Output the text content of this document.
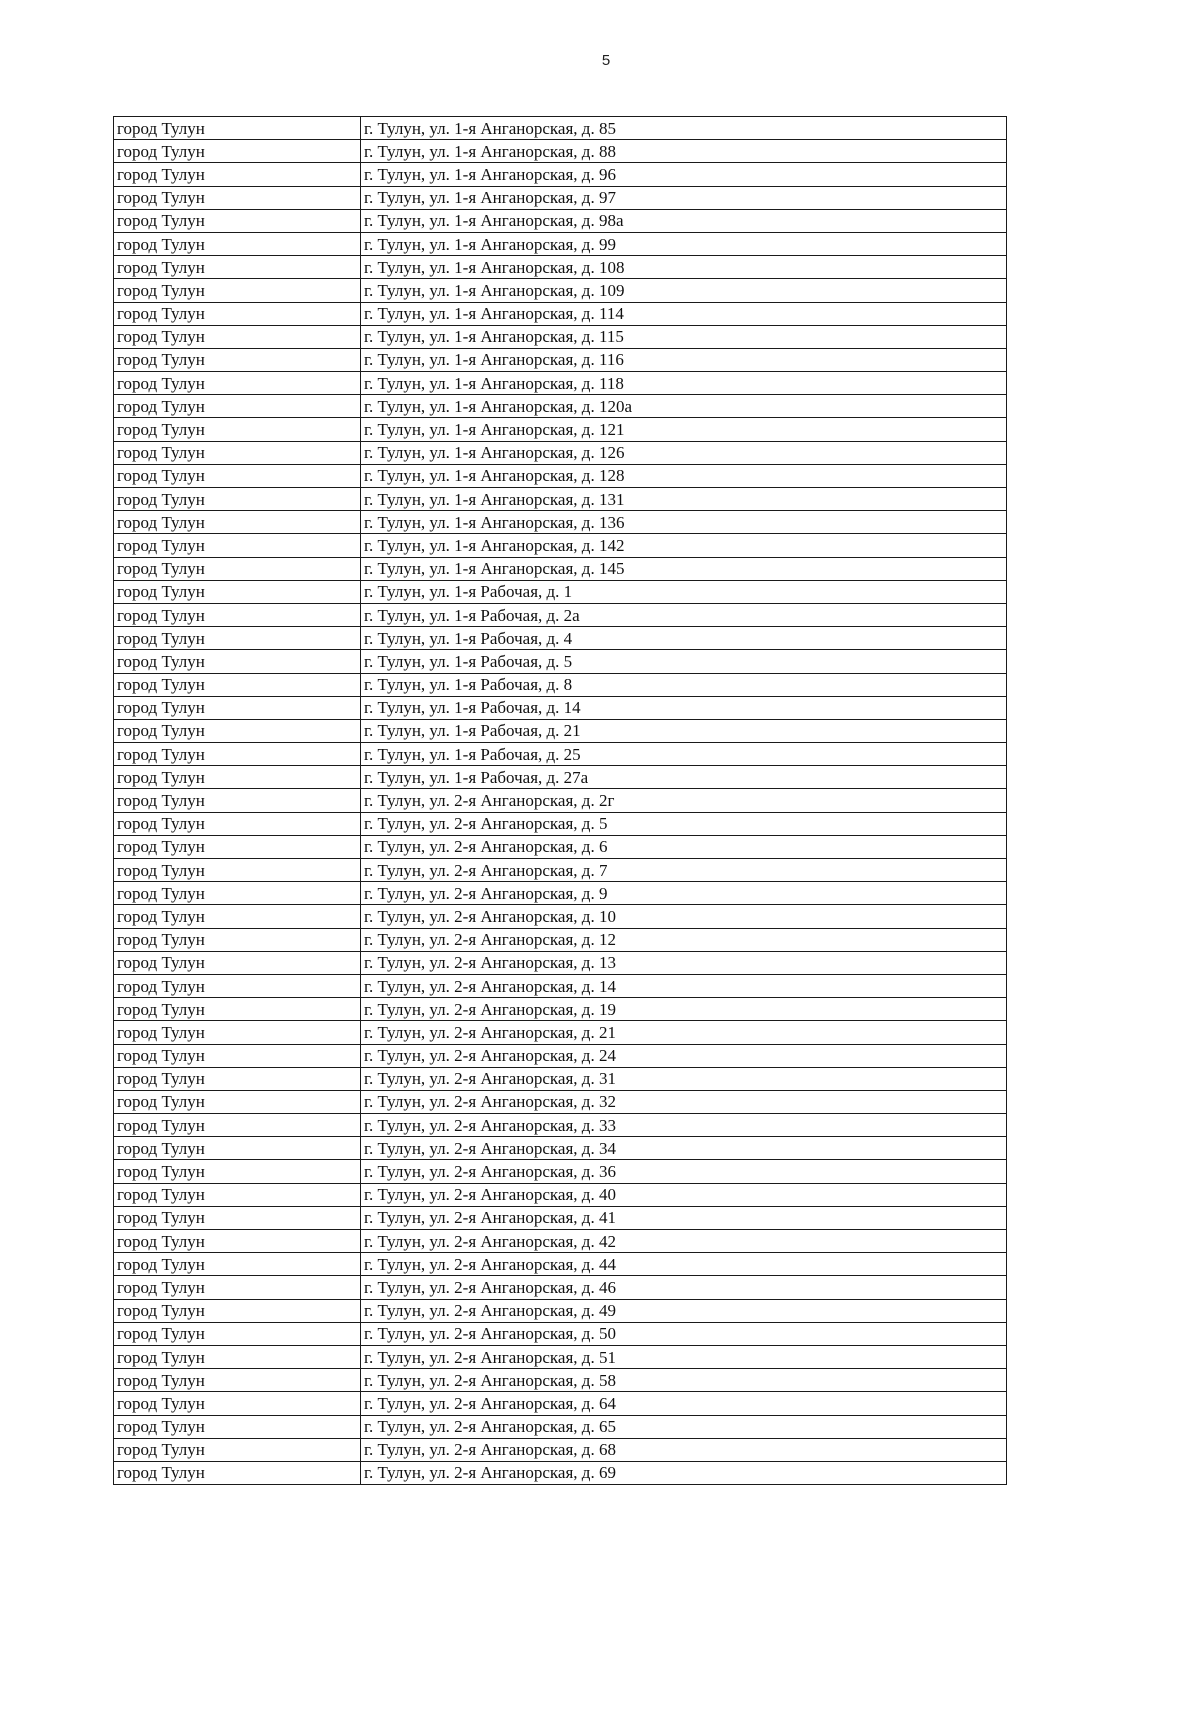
5
город Тулун	г. Тулун, ул. 1-я Анганорская, д. 85
город Тулун	г. Тулун, ул. 1-я Анганорская, д. 88
город Тулун	г. Тулун, ул. 1-я Анганорская, д. 96
город Тулун	г. Тулун, ул. 1-я Анганорская, д. 97
город Тулун	г. Тулун, ул. 1-я Анганорская, д. 98а
город Тулун	г. Тулун, ул. 1-я Анганорская, д. 99
город Тулун	г. Тулун, ул. 1-я Анганорская, д. 108
город Тулун	г. Тулун, ул. 1-я Анганорская, д. 109
город Тулун	г. Тулун, ул. 1-я Анганорская, д. 114
город Тулун	г. Тулун, ул. 1-я Анганорская, д. 115
город Тулун	г. Тулун, ул. 1-я Анганорская, д. 116
город Тулун	г. Тулун, ул. 1-я Анганорская, д. 118
город Тулун	г. Тулун, ул. 1-я Анганорская, д. 120а
город Тулун	г. Тулун, ул. 1-я Анганорская, д. 121
город Тулун	г. Тулун, ул. 1-я Анганорская, д. 126
город Тулун	г. Тулун, ул. 1-я Анганорская, д. 128
город Тулун	г. Тулун, ул. 1-я Анганорская, д. 131
город Тулун	г. Тулун, ул. 1-я Анганорская, д. 136
город Тулун	г. Тулун, ул. 1-я Анганорская, д. 142
город Тулун	г. Тулун, ул. 1-я Анганорская, д. 145
город Тулун	г. Тулун, ул. 1-я Рабочая, д. 1
город Тулун	г. Тулун, ул. 1-я Рабочая, д. 2а
город Тулун	г. Тулун, ул. 1-я Рабочая, д. 4
город Тулун	г. Тулун, ул. 1-я Рабочая, д. 5
город Тулун	г. Тулун, ул. 1-я Рабочая, д. 8
город Тулун	г. Тулун, ул. 1-я Рабочая, д. 14
город Тулун	г. Тулун, ул. 1-я Рабочая, д. 21
город Тулун	г. Тулун, ул. 1-я Рабочая, д. 25
город Тулун	г. Тулун, ул. 1-я Рабочая, д. 27а
город Тулун	г. Тулун, ул. 2-я Анганорская, д. 2г
город Тулун	г. Тулун, ул. 2-я Анганорская, д. 5
город Тулун	г. Тулун, ул. 2-я Анганорская, д. 6
город Тулун	г. Тулун, ул. 2-я Анганорская, д. 7
город Тулун	г. Тулун, ул. 2-я Анганорская, д. 9
город Тулун	г. Тулун, ул. 2-я Анганорская, д. 10
город Тулун	г. Тулун, ул. 2-я Анганорская, д. 12
город Тулун	г. Тулун, ул. 2-я Анганорская, д. 13
город Тулун	г. Тулун, ул. 2-я Анганорская, д. 14
город Тулун	г. Тулун, ул. 2-я Анганорская, д. 19
город Тулун	г. Тулун, ул. 2-я Анганорская, д. 21
город Тулун	г. Тулун, ул. 2-я Анганорская, д. 24
город Тулун	г. Тулун, ул. 2-я Анганорская, д. 31
город Тулун	г. Тулун, ул. 2-я Анганорская, д. 32
город Тулун	г. Тулун, ул. 2-я Анганорская, д. 33
город Тулун	г. Тулун, ул. 2-я Анганорская, д. 34
город Тулун	г. Тулун, ул. 2-я Анганорская, д. 36
город Тулун	г. Тулун, ул. 2-я Анганорская, д. 40
город Тулун	г. Тулун, ул. 2-я Анганорская, д. 41
город Тулун	г. Тулун, ул. 2-я Анганорская, д. 42
город Тулун	г. Тулун, ул. 2-я Анганорская, д. 44
город Тулун	г. Тулун, ул. 2-я Анганорская, д. 46
город Тулун	г. Тулун, ул. 2-я Анганорская, д. 49
город Тулун	г. Тулун, ул. 2-я Анганорская, д. 50
город Тулун	г. Тулун, ул. 2-я Анганорская, д. 51
город Тулун	г. Тулун, ул. 2-я Анганорская, д. 58
город Тулун	г. Тулун, ул. 2-я Анганорская, д. 64
город Тулун	г. Тулун, ул. 2-я Анганорская, д. 65
город Тулун	г. Тулун, ул. 2-я Анганорская, д. 68
город Тулун	г. Тулун, ул. 2-я Анганорская, д. 69
